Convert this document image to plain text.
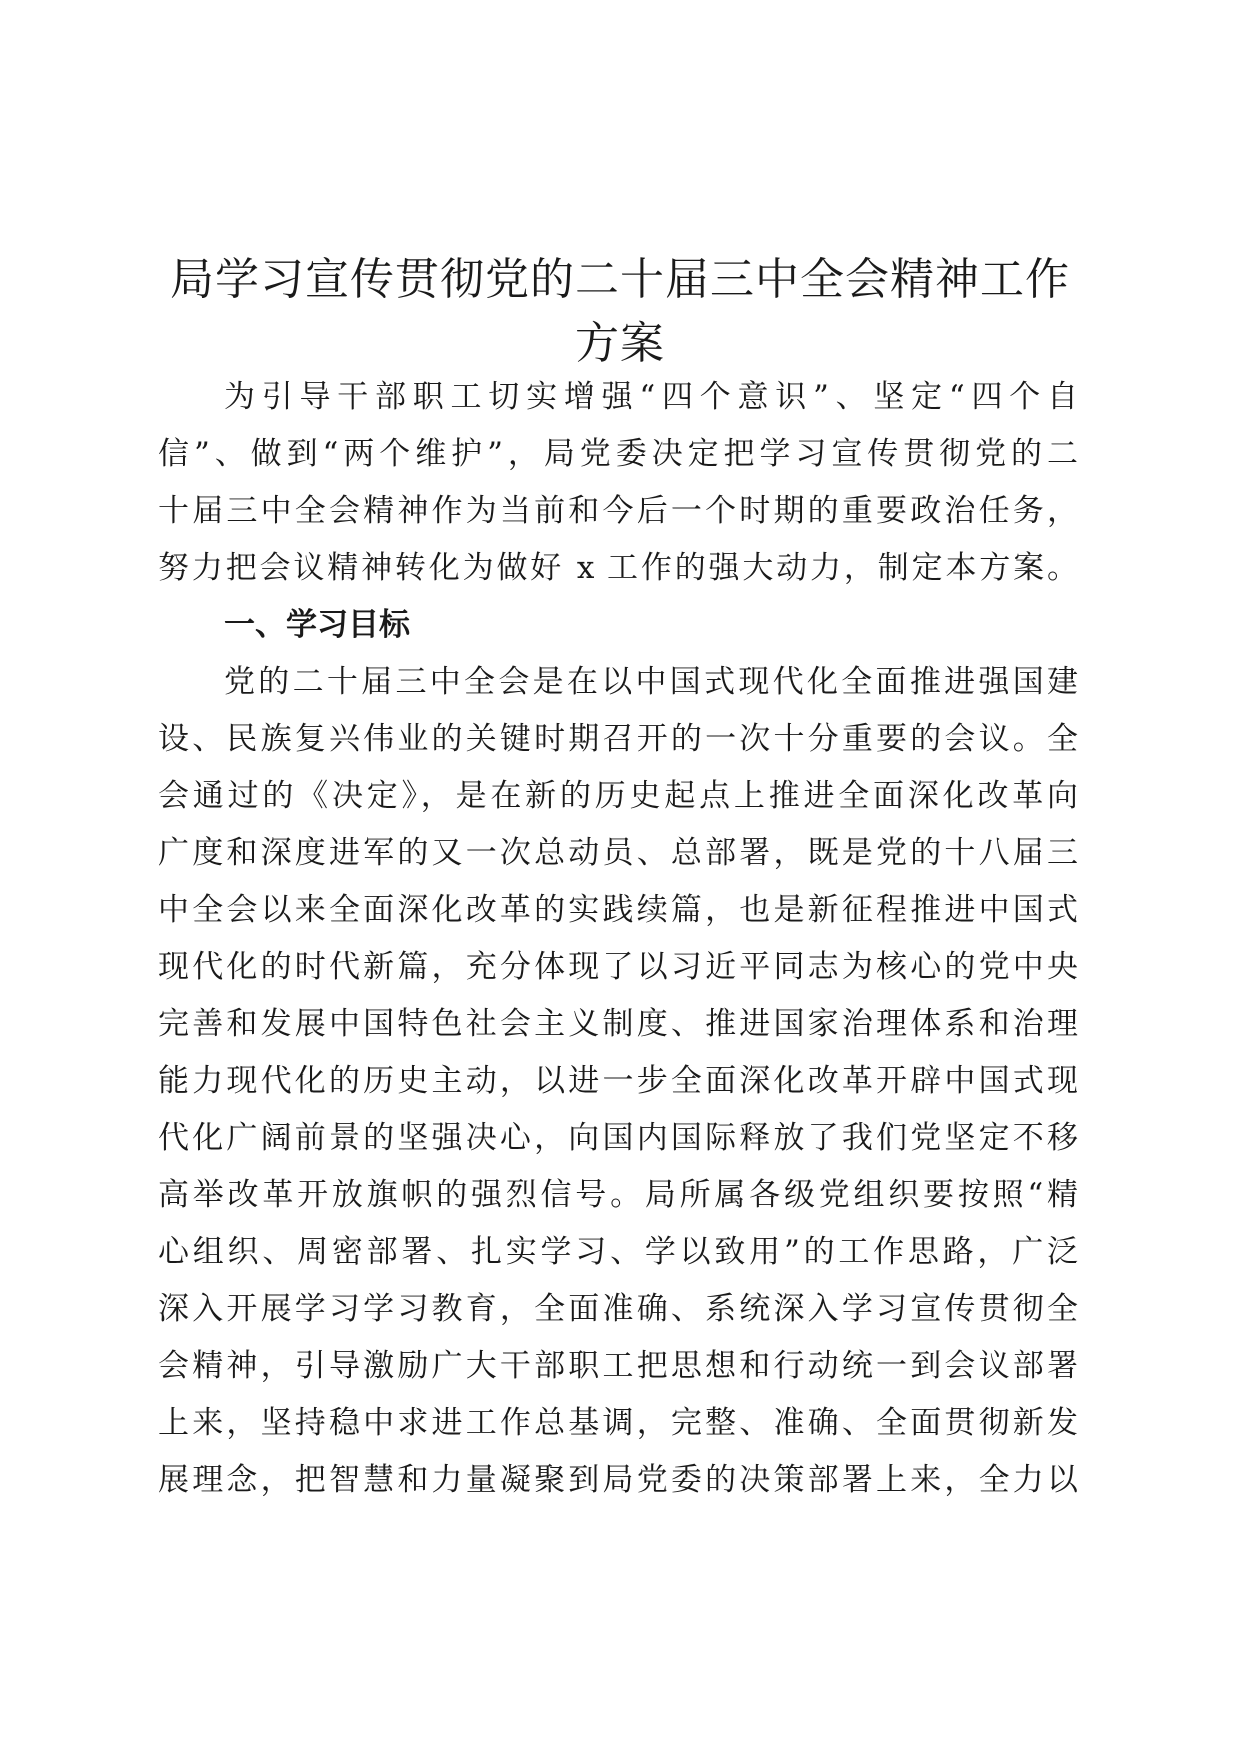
局学习宣传贯彻党的二十届三中全会精神工作
方案
为引导干部职工切实增强“四个意识”、坚定“四个自
信”、做到“两个维护”，局党委决定把学习宣传贯彻党的二
十届三中全会精神作为当前和今后一个时期的重要政治任务，
努力把会议精神转化为做好 x 工作的强大动力，制定本方案。
一、学习目标
党的二十届三中全会是在以中国式现代化全面推进强国建
设、民族复兴伟业的关键时期召开的一次十分重要的会议。全
会通过的《决定》，是在新的历史起点上推进全面深化改革向
广度和深度进军的又一次总动员、总部署，既是党的十八届三
中全会以来全面深化改革的实践续篇，也是新征程推进中国式
现代化的时代新篇，充分体现了以习近平同志为核心的党中央
完善和发展中国特色社会主义制度、推进国家治理体系和治理
能力现代化的历史主动，以进一步全面深化改革开辟中国式现
代化广阔前景的坚强决心，向国内国际释放了我们党坚定不移
高举改革开放旗帜的强烈信号。局所属各级党组织要按照“精
心组织、周密部署、扎实学习、学以致用”的工作思路，广泛
深入开展学习学习教育，全面准确、系统深入学习宣传贯彻全
会精神，引导激励广大干部职工把思想和行动统一到会议部署
上来，坚持稳中求进工作总基调，完整、准确、全面贯彻新发
展理念，把智慧和力量凝聚到局党委的决策部署上来，全力以
